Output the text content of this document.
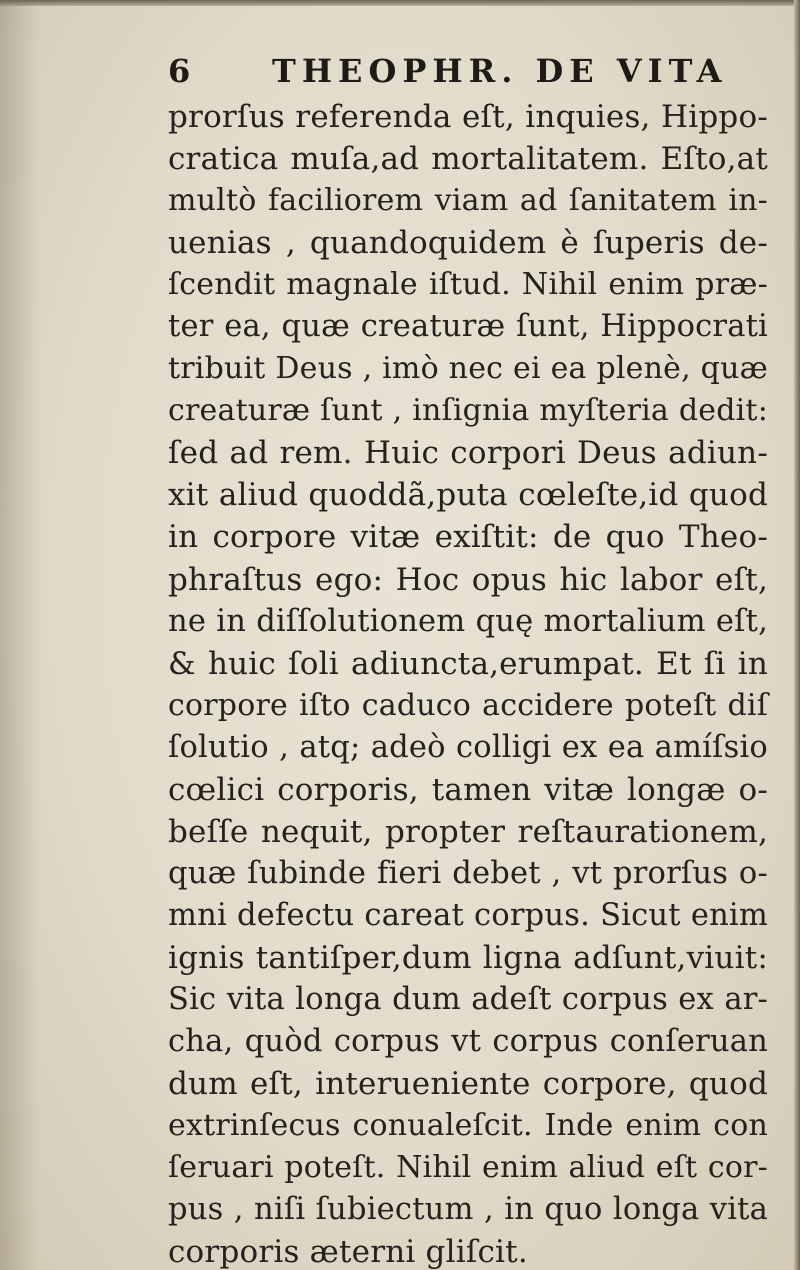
6 THEOPHR. DE VITA
prorſus referenda eſt, inquies, Hippo-
cratica muſa,ad mortalitatem. Eſto,at
multò faciliorem viam ad ſanitatem in-
uenias , quandoquidem è ſuperis de-
ſcendit magnale iſtud. Nihil enim præ-
ter ea, quæ creaturæ ſunt, Hippocrati
tribuit Deus , imò nec ei ea plenè, quæ
creaturæ ſunt , inſignia myſteria dedit:
ſed ad rem. Huic corpori Deus adiun-
xit aliud quoddã,puta cœleſte,id quod
in corpore vitæ exiſtit: de quo Theo-
phraſtus ego: Hoc opus hic labor eſt,
ne in diſſolutionem quę mortalium eſt,
& huic ſoli adiuncta,erumpat. Et ſi in
corpore iſto caduco accidere poteſt diſ
ſolutio , atq; adeò colligi ex ea amíſsio
cœlici corporis, tamen vitæ longæ o-
beſſe nequit, propter reſtaurationem,
quæ ſubinde fieri debet , vt prorſus o-
mni defectu careat corpus. Sicut enim
ignis tantiſper,dum ligna adſunt,viuit:
Sic vita longa dum adeſt corpus ex ar-
cha, quòd corpus vt corpus conſeruan
dum eſt, interueniente corpore, quod
extrinſecus conualeſcit. Inde enim con
ſeruari poteſt. Nihil enim aliud eſt cor-
pus , niſi ſubiectum , in quo longa vita
corporis æterni gliſcit.
